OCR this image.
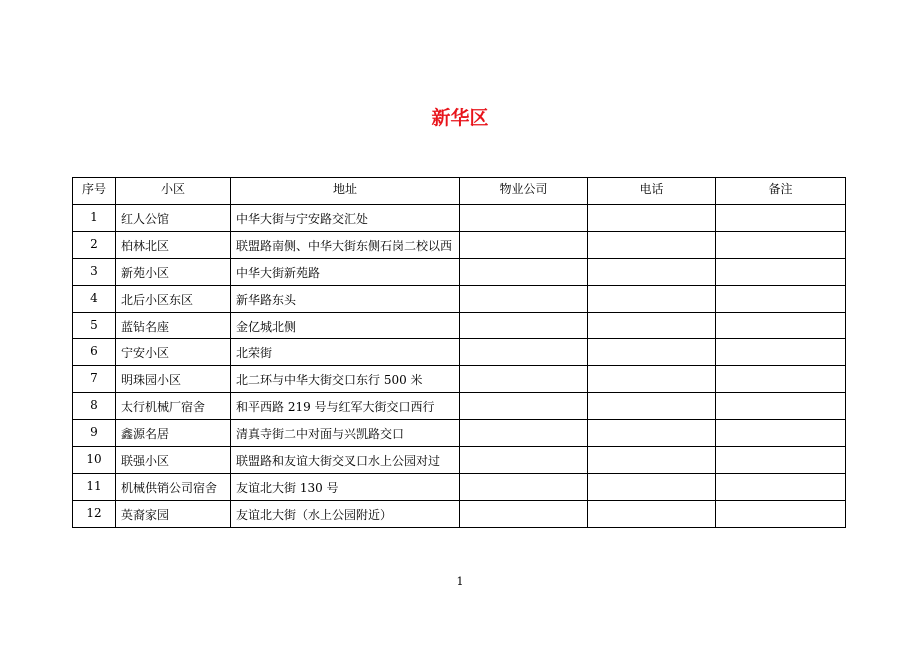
新华区
序号	小区	地址	物业公司	电话	备注
1	红人公馆	中华大街与宁安路交汇处			
2	柏林北区	联盟路南侧、中华大街东侧石岗二校以西			
3	新苑小区	中华大街新苑路			
4	北后小区东区	新华路东头			
5	蓝钻名座	金亿城北侧			
6	宁安小区	北荣街			
7	明珠园小区	北二环与中华大街交口东行 500 米			
8	太行机械厂宿舍	和平西路 219 号与红军大街交口西行			
9	鑫源名居	清真寺街二中对面与兴凯路交口			
10	联强小区	联盟路和友谊大街交叉口水上公园对过			
11	机械供销公司宿舍	友谊北大街 130 号			
12	英裔家园	友谊北大街（水上公园附近）			
1
